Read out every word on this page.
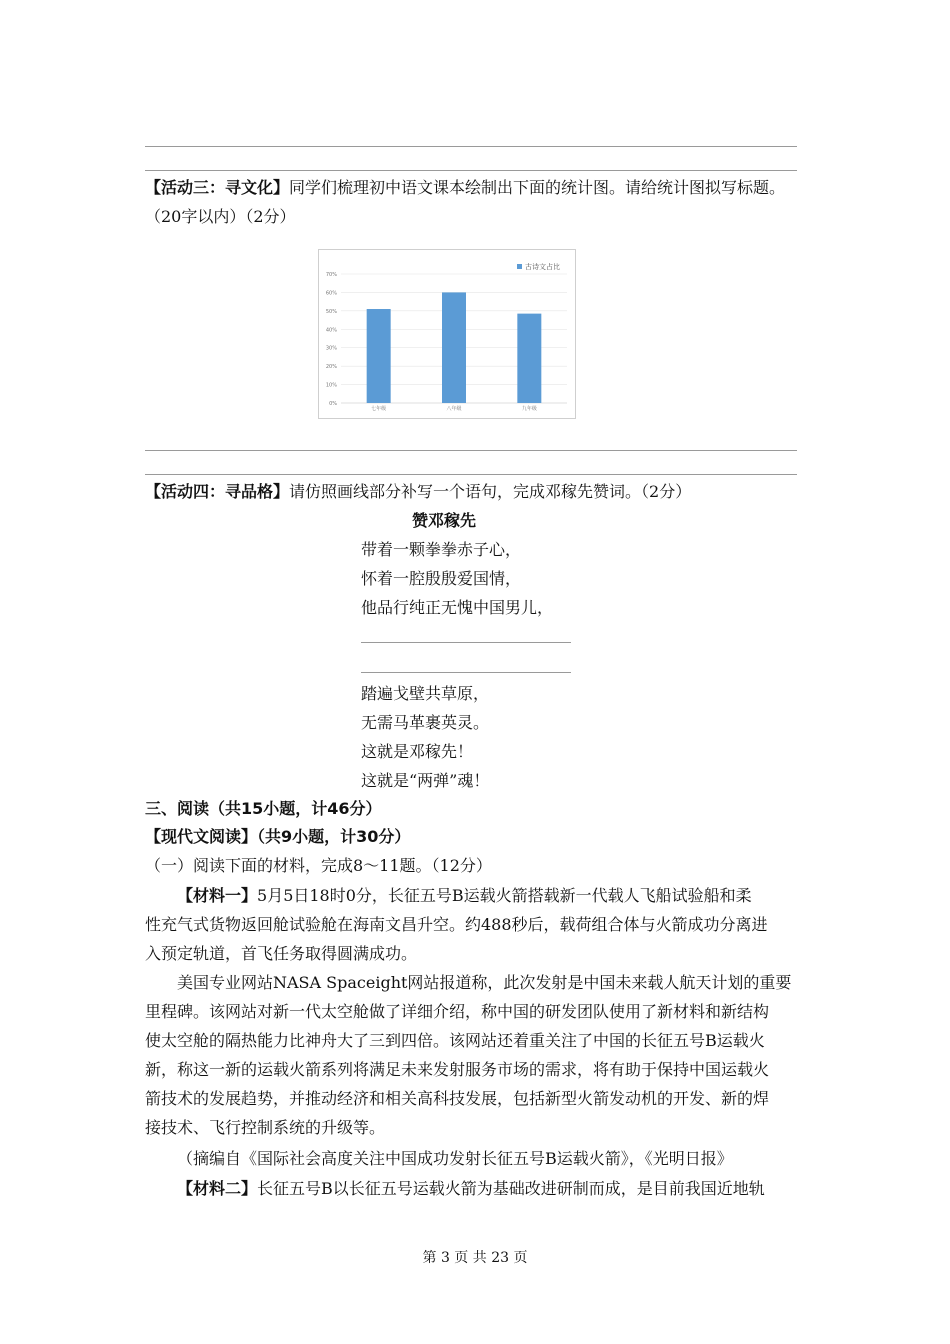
【活动三：寻文化】同学们梳理初中语文课本绘制出下面的统计图。请给统计图拟写标题。
（20字以内）（2分）
0%
10%
20%
30%
40%
50%
60%
70%
七年级	八年级	九年级
古诗文占比
【活动四：寻品格】请仿照画线部分补写一个语句，完成邓稼先赞词。（2分）
赞邓稼先
带着一颗拳拳赤子心，
怀着一腔殷殷爱国情，
他品行纯正无愧中国男儿，
踏遍戈壁共草原，
无需马革裹英灵。
这就是邓稼先！
这就是“两弹”魂！
三、阅读（共15小题，计46分）
【现代文阅读】（共9小题，计30分）
（一）阅读下面的材料，完成8～11题。（12分）
【材料一】5月5日18时0分，长征五号B运载火箭搭载新一代载人飞船试验船和柔
性充气式货物返回舱试验舱在海南文昌升空。约488秒后，载荷组合体与火箭成功分离进
入预定轨道，首飞任务取得圆满成功。
美国专业网站NASA Spaceight网站报道称，此次发射是中国未来载人航天计划的重要
里程碑。该网站对新一代太空舱做了详细介绍，称中国的研发团队使用了新材料和新结构
使太空舱的隔热能力比神舟大了三到四倍。该网站还着重关注了中国的长征五号B运载火
新，称这一新的运载火箭系列将满足未来发射服务市场的需求，将有助于保持中国运载火
箭技术的发展趋势，并推动经济和相关高科技发展，包括新型火箭发动机的开发、新的焊
接技术、飞行控制系统的升级等。
（摘编自《国际社会高度关注中国成功发射长征五号B运载火箭》，《光明日报》
【材料二】长征五号B以长征五号运载火箭为基础改进研制而成，是目前我国近地轨
第 3 页 共 23 页
